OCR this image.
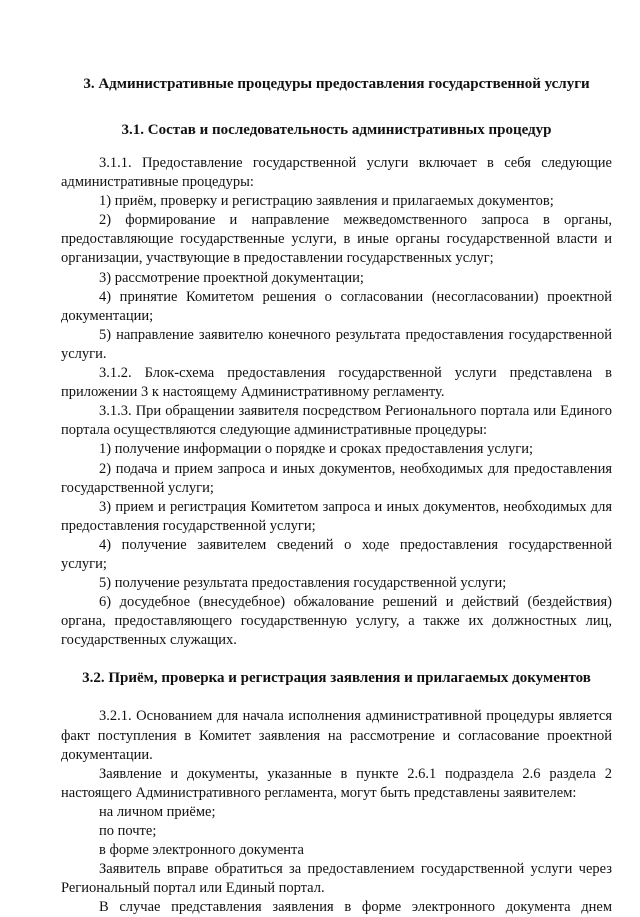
3. Административные процедуры предоставления государственной услуги
3.1. Состав и последовательность административных процедур

3.1.1. Предоставление государственной услуги включает в себя следующие административные процедуры:

1) приём, проверку и регистрацию заявления и прилагаемых документов;

2) формирование и направление межведомственного запроса в органы, предоставляющие государственные услуги, в иные органы государственной власти и организации, участвующие в предоставлении государственных услуг;

3) рассмотрение проектной документации;

4) принятие Комитетом решения о согласовании (несогласовании) проектной документации;

5) направление заявителю конечного результата предоставления государственной услуги.

3.1.2. Блок-схема предоставления государственной услуги представлена в приложении 3 к настоящему Административному регламенту.

3.1.3. При обращении заявителя посредством Регионального портала или Единого портала осуществляются следующие административные процедуры:

1) получение информации о порядке и сроках предоставления услуги;

2) подача и прием запроса и иных документов, необходимых для предоставления государственной услуги;

3) прием и регистрация Комитетом запроса и иных документов, необходимых для предоставления государственной услуги;

4) получение заявителем сведений о ходе предоставления государственной услуги;

5) получение результата предоставления государственной услуги;

6) досудебное (внесудебное) обжалование решений и действий (бездействия) органа, предоставляющего государственную услугу, а также их должностных лиц, государственных служащих.

3.2. Приём, проверка и регистрация заявления и прилагаемых документов

3.2.1. Основанием для начала исполнения административной процедуры является факт поступления в Комитет заявления на рассмотрение и согласование проектной документации.

Заявление и документы, указанные в пункте 2.6.1 подраздела 2.6 раздела 2 настоящего Административного регламента, могут быть представлены заявителем:

на личном приёме;

по почте;

в форме электронного документа

Заявитель вправе обратиться за предоставлением государственной услуги через Региональный портал или Единый портал.

В случае представления заявления в форме электронного документа днем
